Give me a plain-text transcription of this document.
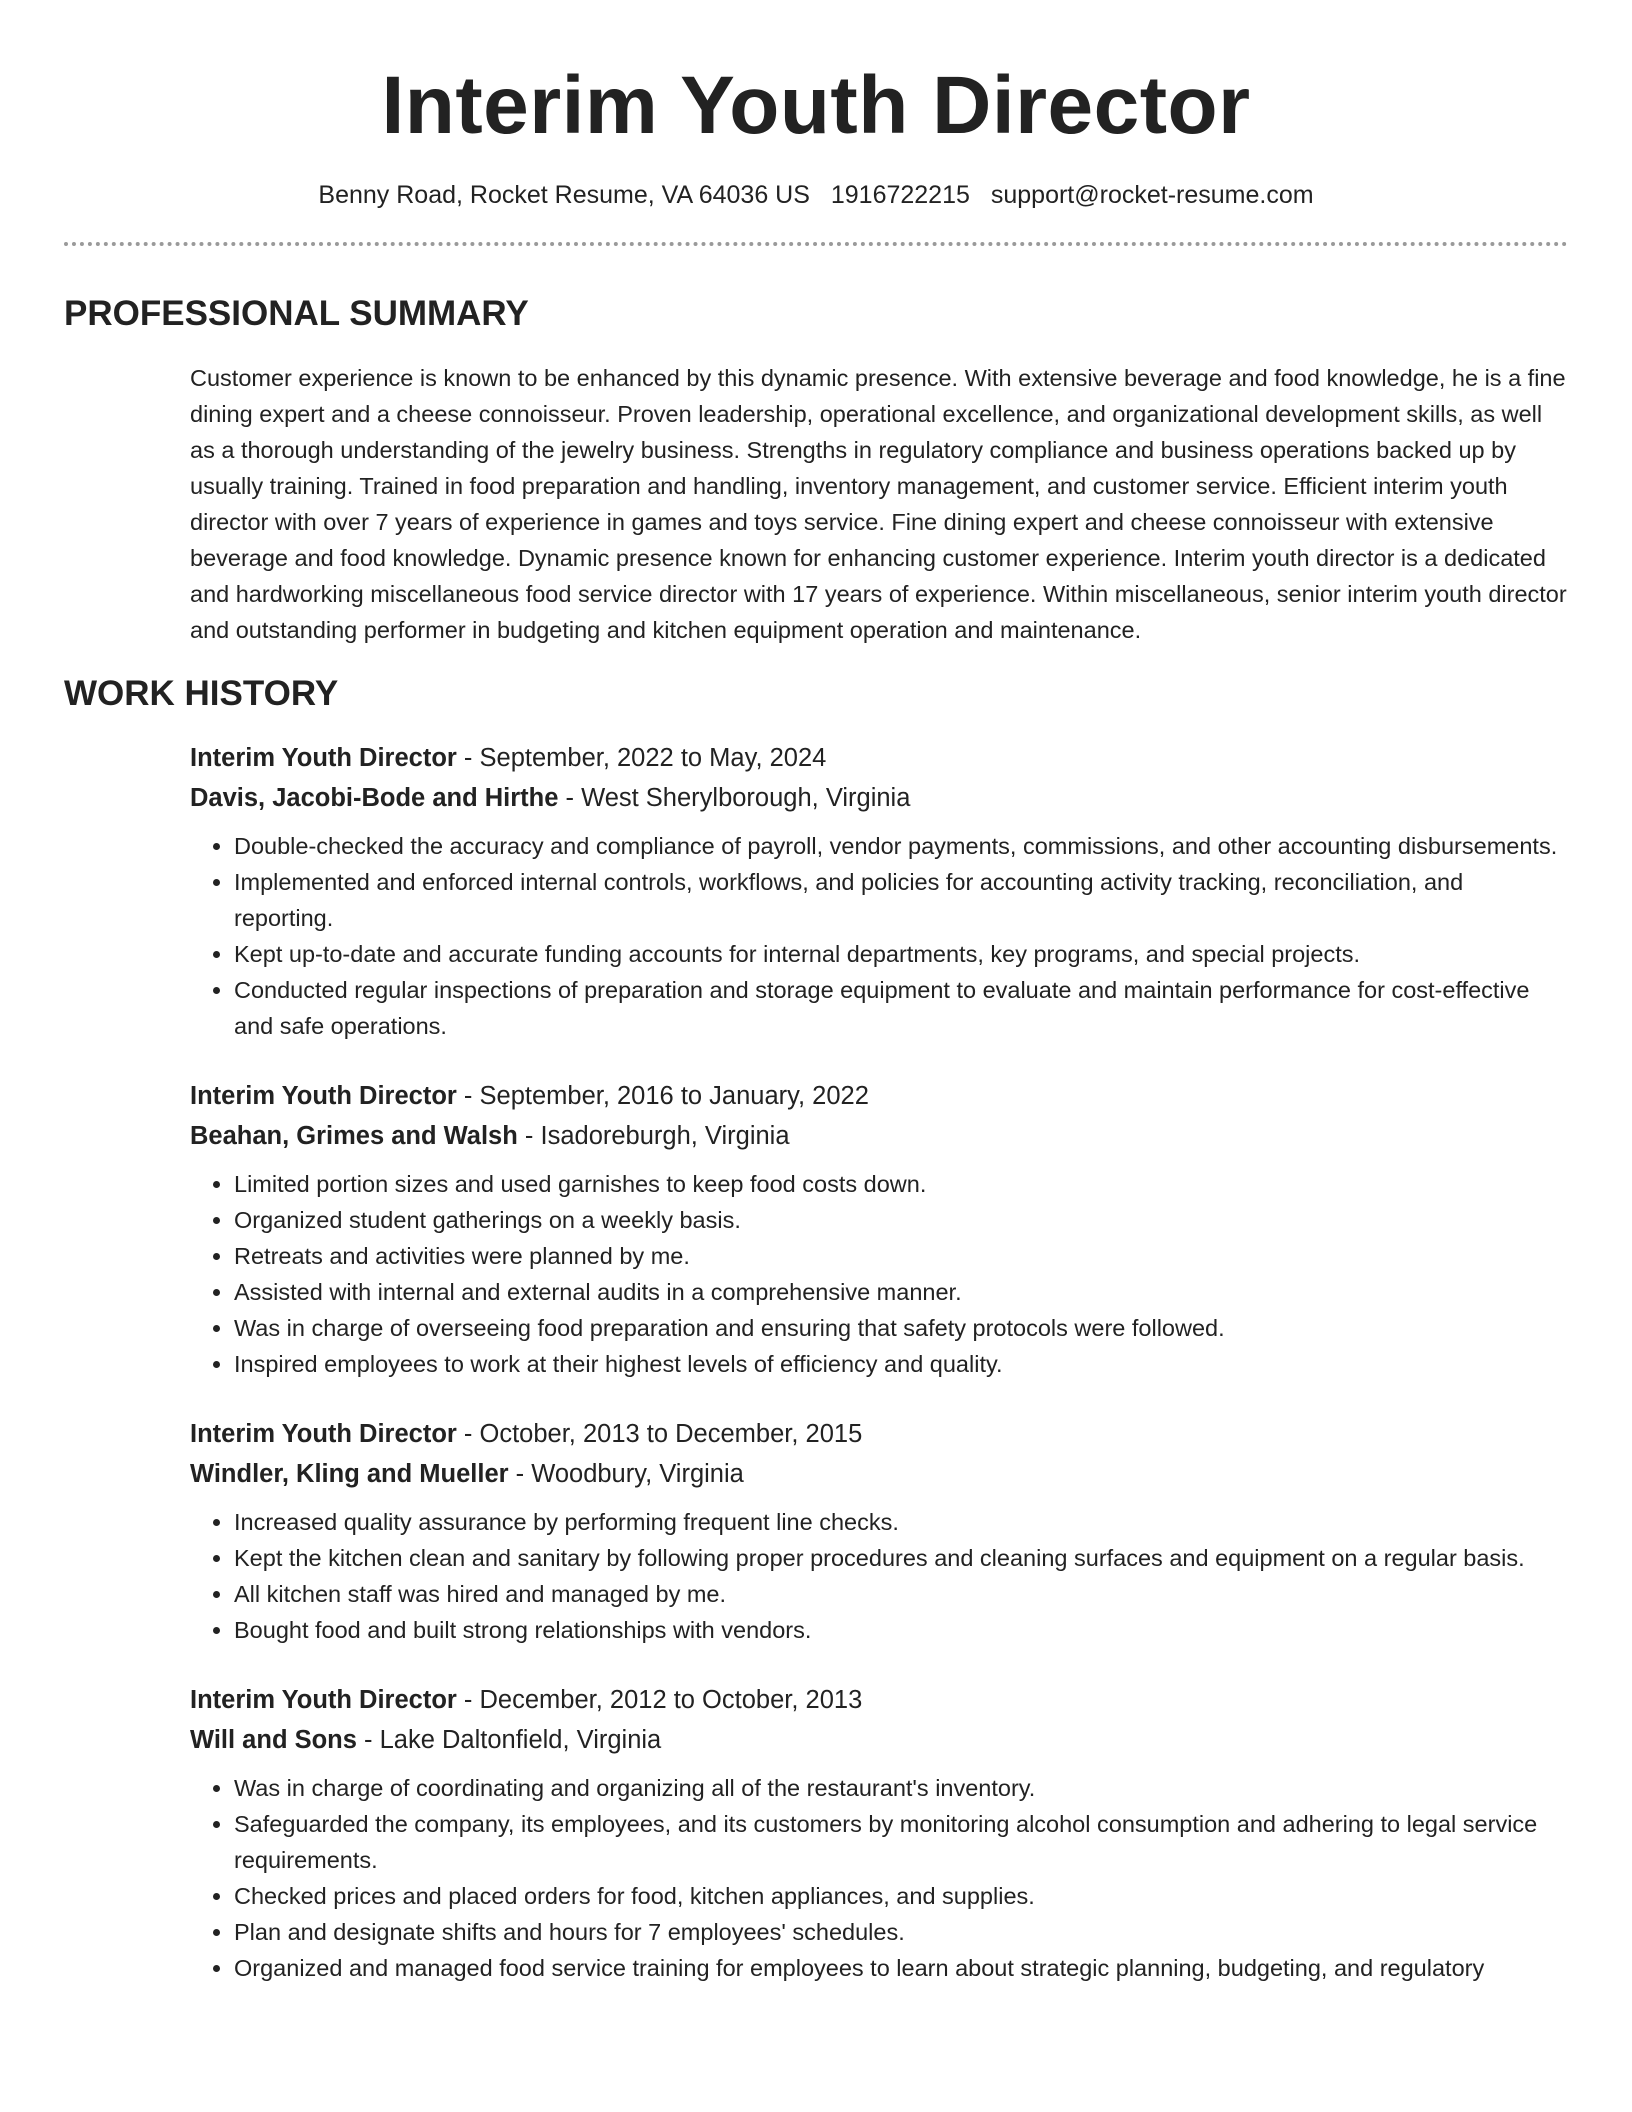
Interim Youth Director
Benny Road, Rocket Resume, VA 64036 US 1916722215 support@rocket-resume.com
PROFESSIONAL SUMMARY

Customer experience is known to be enhanced by this dynamic presence. With extensive beverage and food knowledge, he is a fine dining expert and a cheese connoisseur. Proven leadership, operational excellence, and organizational development skills, as well as a thorough understanding of the jewelry business. Strengths in regulatory compliance and business operations backed up by usually training. Trained in food preparation and handling, inventory management, and customer service. Efficient interim youth director with over 7 years of experience in games and toys service. Fine dining expert and cheese connoisseur with extensive beverage and food knowledge. Dynamic presence known for enhancing customer experience. Interim youth director is a dedicated and hardworking miscellaneous food service director with 17 years of experience. Within miscellaneous, senior interim youth director and outstanding performer in budgeting and kitchen equipment operation and maintenance.

WORK HISTORY
Interim Youth Director - September, 2022 to May, 2024
Davis, Jacobi-Bode and Hirthe - West Sherylborough, Virginia
• Double-checked the accuracy and compliance of payroll, vendor payments, commissions, and other accounting disbursements.
• Implemented and enforced internal controls, workflows, and policies for accounting activity tracking, reconciliation, and reporting.
• Kept up-to-date and accurate funding accounts for internal departments, key programs, and special projects.
• Conducted regular inspections of preparation and storage equipment to evaluate and maintain performance for cost-effective and safe operations.
Interim Youth Director - September, 2016 to January, 2022
Beahan, Grimes and Walsh - Isadoreburgh, Virginia
• Limited portion sizes and used garnishes to keep food costs down.
• Organized student gatherings on a weekly basis.
• Retreats and activities were planned by me.
• Assisted with internal and external audits in a comprehensive manner.
• Was in charge of overseeing food preparation and ensuring that safety protocols were followed.
• Inspired employees to work at their highest levels of efficiency and quality.
Interim Youth Director - October, 2013 to December, 2015
Windler, Kling and Mueller - Woodbury, Virginia
• Increased quality assurance by performing frequent line checks.
• Kept the kitchen clean and sanitary by following proper procedures and cleaning surfaces and equipment on a regular basis.
• All kitchen staff was hired and managed by me.
• Bought food and built strong relationships with vendors.
Interim Youth Director - December, 2012 to October, 2013
Will and Sons - Lake Daltonfield, Virginia
• Was in charge of coordinating and organizing all of the restaurant's inventory.
• Safeguarded the company, its employees, and its customers by monitoring alcohol consumption and adhering to legal service requirements.
• Checked prices and placed orders for food, kitchen appliances, and supplies.
• Plan and designate shifts and hours for 7 employees' schedules.
• Organized and managed food service training for employees to learn about strategic planning, budgeting, and regulatory
